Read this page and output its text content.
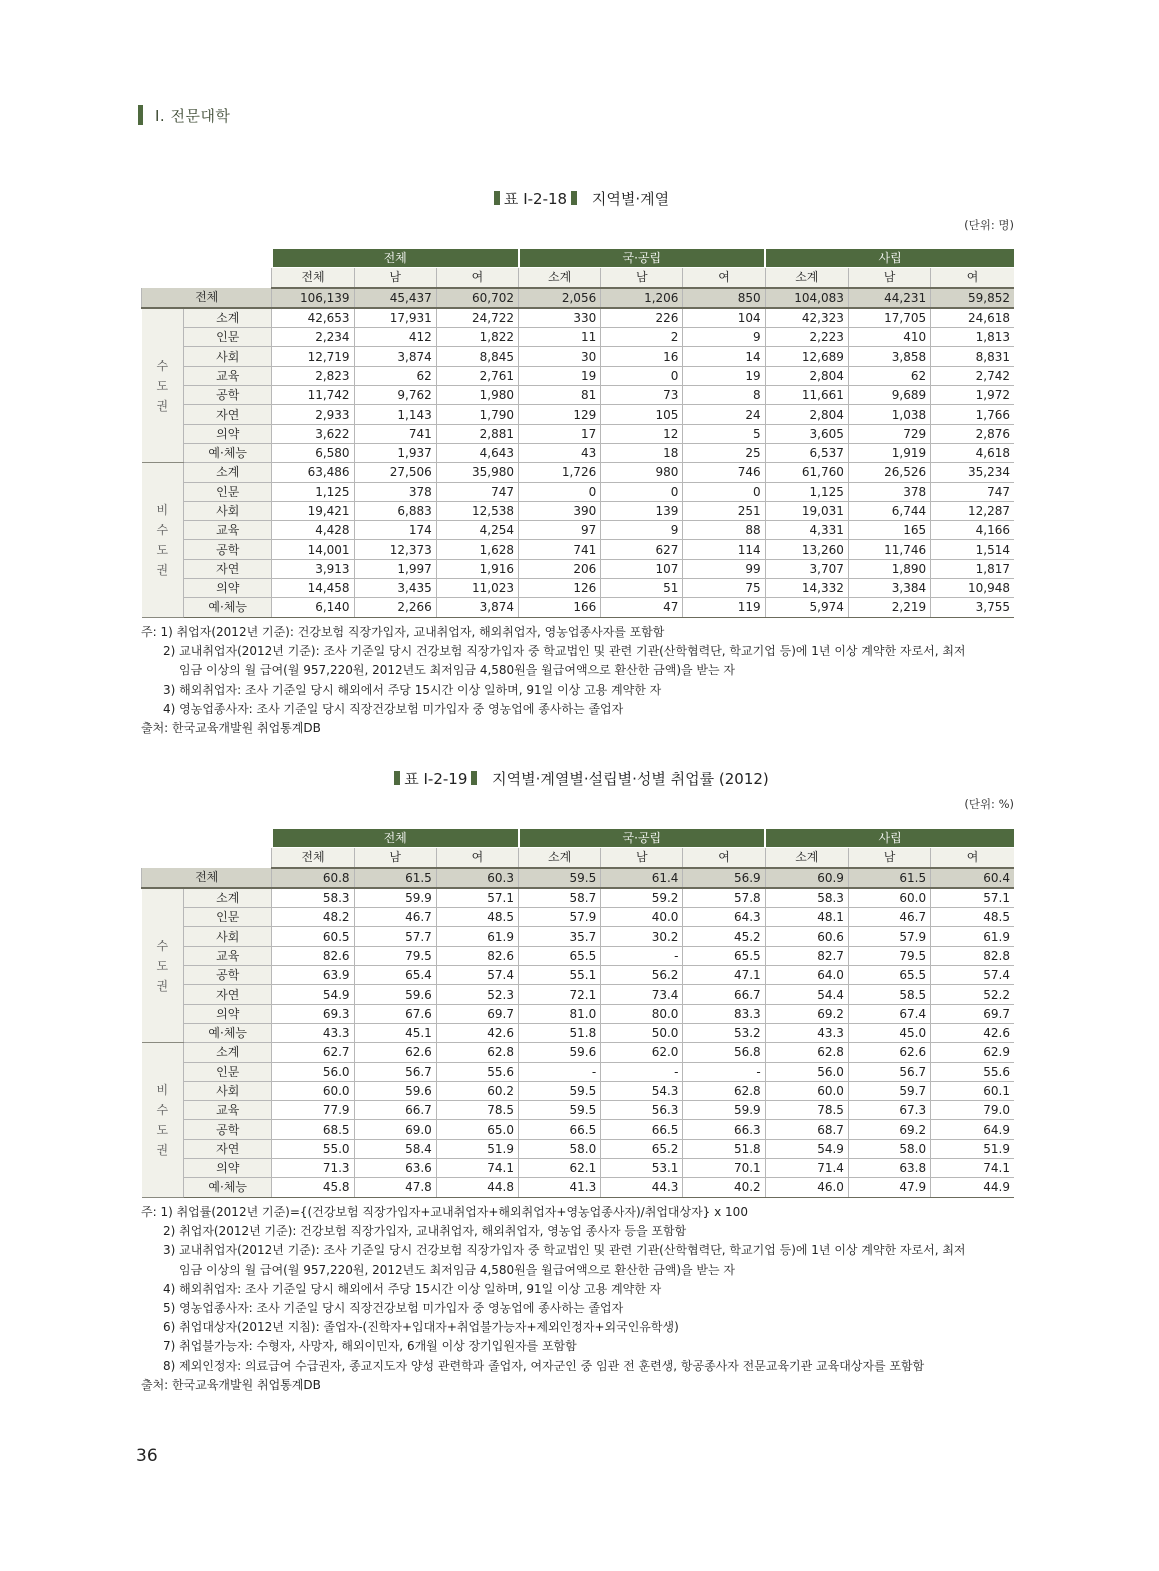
Ⅰ. 전문대학
표 Ⅰ-2-18 지역별·계열
(단위: 명)
		전체			국·공립			사립		
		전체	남	여	소계	남	여	소계	남	여
전체		106,139	45,437	60,702	2,056	1,206	850	104,083	44,231	59,852
수
도
권	소계	42,653	17,931	24,722	330	226	104	42,323	17,705	24,618
	인문	2,234	412	1,822	11	2	9	2,223	410	1,813
	사회	12,719	3,874	8,845	30	16	14	12,689	3,858	8,831
	교육	2,823	62	2,761	19	0	19	2,804	62	2,742
	공학	11,742	9,762	1,980	81	73	8	11,661	9,689	1,972
	자연	2,933	1,143	1,790	129	105	24	2,804	1,038	1,766
	의약	3,622	741	2,881	17	12	5	3,605	729	2,876
	예·체능	6,580	1,937	4,643	43	18	25	6,537	1,919	4,618
비
수
도
권	소계	63,486	27,506	35,980	1,726	980	746	61,760	26,526	35,234
	인문	1,125	378	747	0	0	0	1,125	378	747
	사회	19,421	6,883	12,538	390	139	251	19,031	6,744	12,287
	교육	4,428	174	4,254	97	9	88	4,331	165	4,166
	공학	14,001	12,373	1,628	741	627	114	13,260	11,746	1,514
	자연	3,913	1,997	1,916	206	107	99	3,707	1,890	1,817
	의약	14,458	3,435	11,023	126	51	75	14,332	3,384	10,948
	예·체능	6,140	2,266	3,874	166	47	119	5,974	2,219	3,755
주: 1) 취업자(2012년 기준): 건강보험 직장가입자, 교내취업자, 해외취업자, 영농업종사자를 포함함
2) 교내취업자(2012년 기준): 조사 기준일 당시 건강보험 직장가입자 중 학교법인 및 관련 기관(산학협력단, 학교기업 등)에 1년 이상 계약한 자로서, 최저
임금 이상의 월 급여(월 957,220원, 2012년도 최저임금 4,580원을 월급여액으로 환산한 금액)을 받는 자
3) 해외취업자: 조사 기준일 당시 해외에서 주당 15시간 이상 일하며, 91일 이상 고용 계약한 자
4) 영농업종사자: 조사 기준일 당시 직장건강보험 미가입자 중 영농업에 종사하는 졸업자
출처: 한국교육개발원 취업통계DB
표 Ⅰ-2-19 지역별·계열별·설립별·성별 취업률 (2012)
(단위: %)
		전체			국·공립			사립		
		전체	남	여	소계	남	여	소계	남	여
전체		60.8	61.5	60.3	59.5	61.4	56.9	60.9	61.5	60.4
수
도
권	소계	58.3	59.9	57.1	58.7	59.2	57.8	58.3	60.0	57.1
	인문	48.2	46.7	48.5	57.9	40.0	64.3	48.1	46.7	48.5
	사회	60.5	57.7	61.9	35.7	30.2	45.2	60.6	57.9	61.9
	교육	82.6	79.5	82.6	65.5	-	65.5	82.7	79.5	82.8
	공학	63.9	65.4	57.4	55.1	56.2	47.1	64.0	65.5	57.4
	자연	54.9	59.6	52.3	72.1	73.4	66.7	54.4	58.5	52.2
	의약	69.3	67.6	69.7	81.0	80.0	83.3	69.2	67.4	69.7
	예·체능	43.3	45.1	42.6	51.8	50.0	53.2	43.3	45.0	42.6
비
수
도
권	소계	62.7	62.6	62.8	59.6	62.0	56.8	62.8	62.6	62.9
	인문	56.0	56.7	55.6	-	-	-	56.0	56.7	55.6
	사회	60.0	59.6	60.2	59.5	54.3	62.8	60.0	59.7	60.1
	교육	77.9	66.7	78.5	59.5	56.3	59.9	78.5	67.3	79.0
	공학	68.5	69.0	65.0	66.5	66.5	66.3	68.7	69.2	64.9
	자연	55.0	58.4	51.9	58.0	65.2	51.8	54.9	58.0	51.9
	의약	71.3	63.6	74.1	62.1	53.1	70.1	71.4	63.8	74.1
	예·체능	45.8	47.8	44.8	41.3	44.3	40.2	46.0	47.9	44.9
주: 1) 취업률(2012년 기준)={(건강보험 직장가입자+교내취업자+해외취업자+영농업종사자)/취업대상자} x 100
2) 취업자(2012년 기준): 건강보험 직장가입자, 교내취업자, 해외취업자, 영농업 종사자 등을 포함함
3) 교내취업자(2012년 기준): 조사 기준일 당시 건강보험 직장가입자 중 학교법인 및 관련 기관(산학협력단, 학교기업 등)에 1년 이상 계약한 자로서, 최저
임금 이상의 월 급여(월 957,220원, 2012년도 최저임금 4,580원을 월급여액으로 환산한 금액)을 받는 자
4) 해외취업자: 조사 기준일 당시 해외에서 주당 15시간 이상 일하며, 91일 이상 고용 계약한 자
5) 영농업종사자: 조사 기준일 당시 직장건강보험 미가입자 중 영농업에 종사하는 졸업자
6) 취업대상자(2012년 지침): 졸업자-(진학자+입대자+취업불가능자+제외인정자+외국인유학생)
7) 취업불가능자: 수형자, 사망자, 해외이민자, 6개월 이상 장기입원자를 포함함
8) 제외인정자: 의료급여 수급권자, 종교지도자 양성 관련학과 졸업자, 여자군인 중 임관 전 훈련생, 항공종사자 전문교육기관 교육대상자를 포함함
출처: 한국교육개발원 취업통계DB
36
